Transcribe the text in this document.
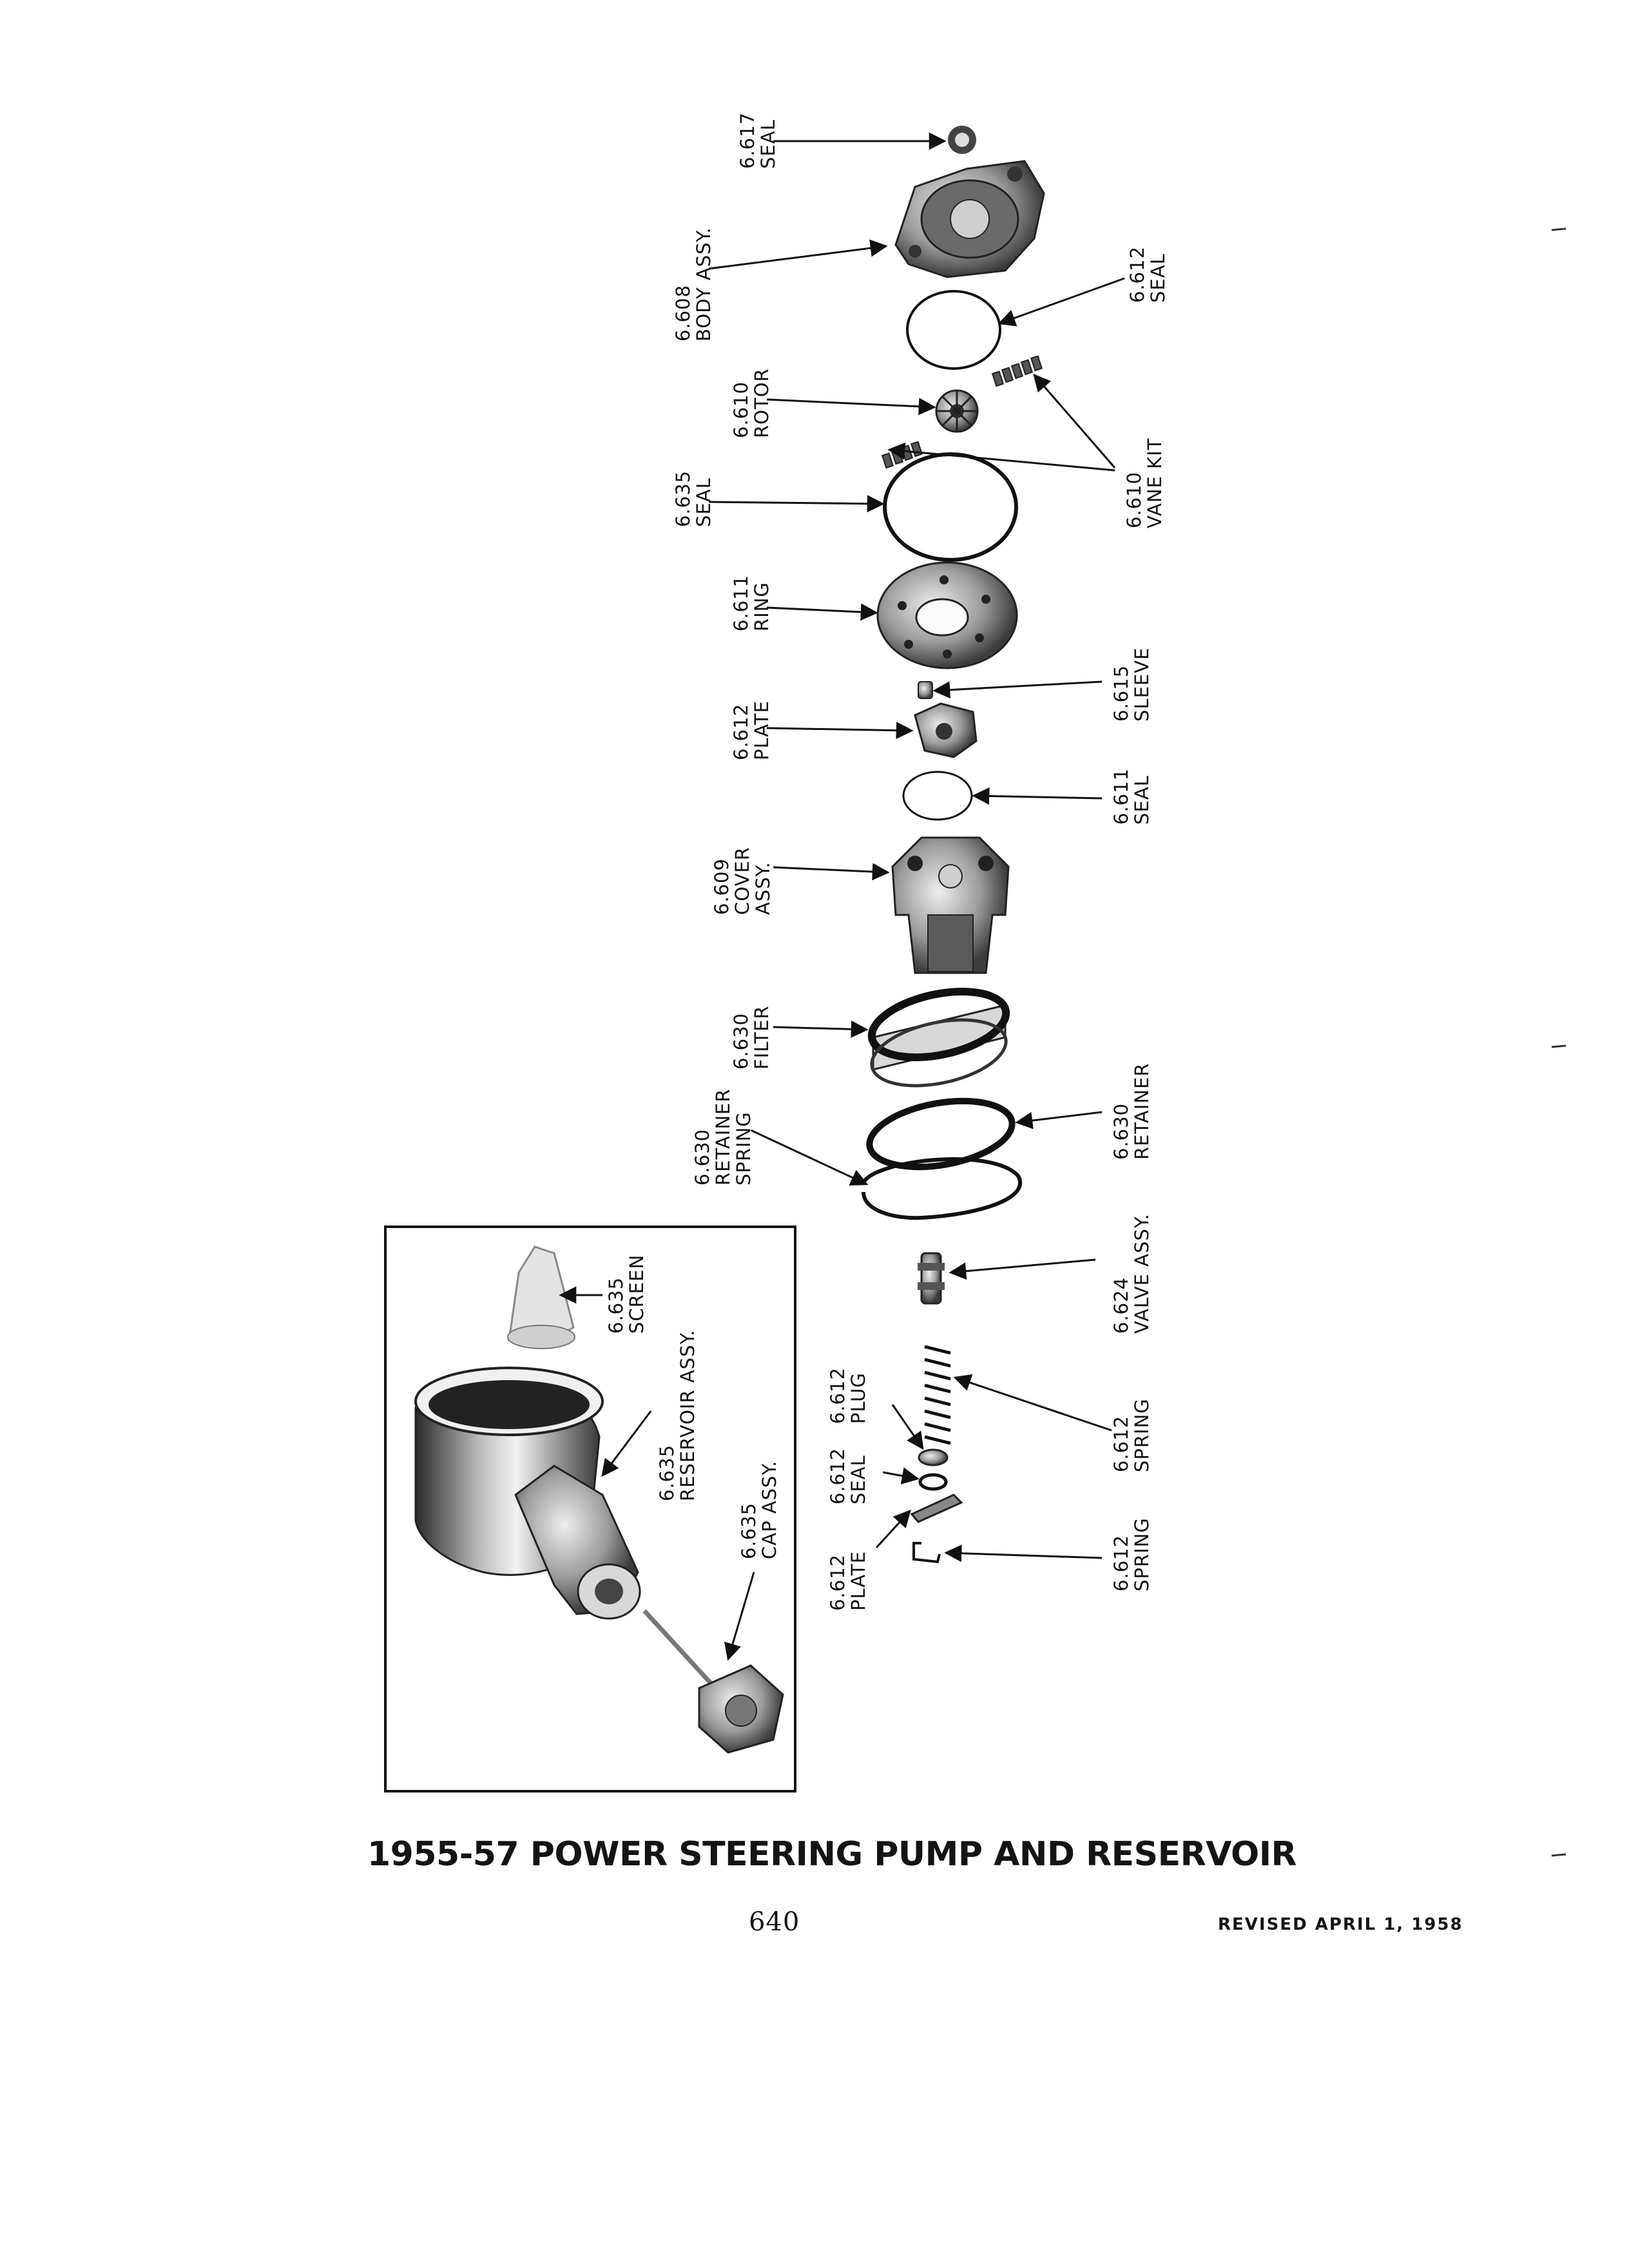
6.617
SEAL
6.608
BODY ASSY.	6.612
SEAL
6.610
ROTOR
6.610
VANE KIT
6.635
SEAL
6.611
RING
6.615
SLEEVE
6.612
PLATE
6.611
SEAL
6.609
COVER
ASSY.
6.630
FILTER
6.630
RETAINER
SPRING	6.630
RETAINER
6.624
VALVE ASSY.
6.612
PLUG
6.612
SPRING
6.612
SEAL
6.612
PLATE	6.612
SPRING
6.635
SCREEN
6.635
RESERVOIR ASSY.
6.635
CAP ASSY.
1955-57 POWER STEERING PUMP AND RESERVOIR
640	REVISED APRIL 1, 1958
